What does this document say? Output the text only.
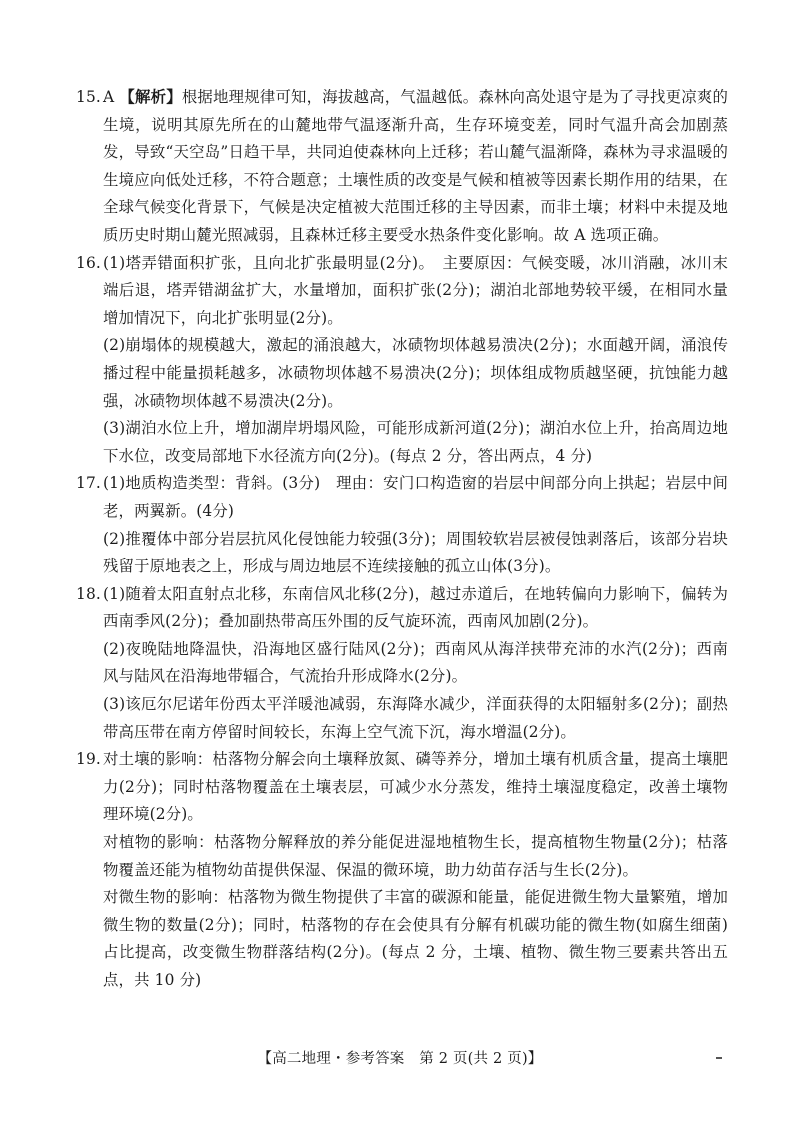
15. A 【解析】根据地理规律可知，海拔越高，气温越低。森林向高处退守是为了寻找更凉爽的生境，说明其原先所在的山麓地带气温逐渐升高，生存环境变差，同时气温升高会加剧蒸发，导致“天空岛”日趋干旱，共同迫使森林向上迁移；若山麓气温渐降，森林为寻求温暖的生境应向低处迁移，不符合题意；土壤性质的改变是气候和植被等因素长期作用的结果，在全球气候变化背景下，气候是决定植被大范围迁移的主导因素，而非土壤；材料中未提及地质历史时期山麓光照减弱，且森林迁移主要受水热条件变化影响。故 A 选项正确。

16. (1)塔弄错面积扩张，且向北扩张最明显(2分)。　主要原因：气候变暖，冰川消融，冰川末端后退，塔弄错湖盆扩大，水量增加，面积扩张(2分)；湖泊北部地势较平缓，在相同水量增加情况下，向北扩张明显(2分)。

(2)崩塌体的规模越大，激起的涌浪越大，冰碛物坝体越易溃决(2分)；水面越开阔，涌浪传播过程中能量损耗越多，冰碛物坝体越不易溃决(2分)；坝体组成物质越坚硬，抗蚀能力越强，冰碛物坝体越不易溃决(2分)。

(3)湖泊水位上升，增加湖岸坍塌风险，可能形成新河道(2分)；湖泊水位上升，抬高周边地下水位，改变局部地下水径流方向(2分)。(每点 2 分，答出两点，4 分)

17. (1)地质构造类型：背斜。(3分)　理由：安门口构造窗的岩层中间部分向上拱起；岩层中间老，两翼新。(4分)

(2)推覆体中部分岩层抗风化侵蚀能力较强(3分)；周围较软岩层被侵蚀剥落后，该部分岩块残留于原地表之上，形成与周边地层不连续接触的孤立山体(3分)。

18. (1)随着太阳直射点北移，东南信风北移(2分)，越过赤道后，在地转偏向力影响下，偏转为西南季风(2分)；叠加副热带高压外围的反气旋环流，西南风加剧(2分)。

(2)夜晚陆地降温快，沿海地区盛行陆风(2分)；西南风从海洋挟带充沛的水汽(2分)；西南风与陆风在沿海地带辐合，气流抬升形成降水(2分)。

(3)该厄尔尼诺年份西太平洋暖池减弱，东海降水减少，洋面获得的太阳辐射多(2分)；副热带高压带在南方停留时间较长，东海上空气流下沉，海水增温(2分)。

19. 对土壤的影响：枯落物分解会向土壤释放氮、磷等养分，增加土壤有机质含量，提高土壤肥力(2分)；同时枯落物覆盖在土壤表层，可减少水分蒸发，维持土壤湿度稳定，改善土壤物理环境(2分)。

对植物的影响：枯落物分解释放的养分能促进湿地植物生长，提高植物生物量(2分)；枯落物覆盖还能为植物幼苗提供保湿、保温的微环境，助力幼苗存活与生长(2分)。

对微生物的影响：枯落物为微生物提供了丰富的碳源和能量，能促进微生物大量繁殖，增加微生物的数量(2分)；同时，枯落物的存在会使具有分解有机碳功能的微生物(如腐生细菌)占比提高，改变微生物群落结构(2分)。(每点 2 分，土壤、植物、微生物三要素共答出五点，共 10 分)

【高二地理・参考答案　第 2 页(共 2 页)】
